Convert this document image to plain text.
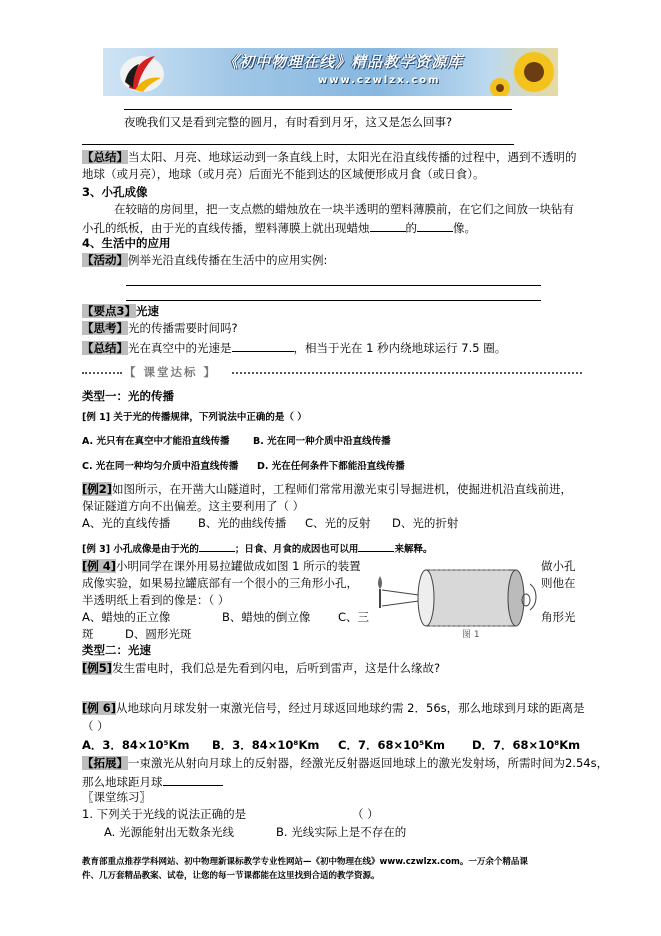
《初中物理在线》精品教学资源库
www.czwlzx.com
夜晚我们又是看到完整的圆月，有时看到月牙，这又是怎么回事?
【总结】当太阳、月亮、地球运动到一条直线上时，太阳光在沿直线传播的过程中，遇到不透明的
地球（或月亮），地球（或月亮）后面光不能到达的区域便形成月食（或日食）。
3、小孔成像
在较暗的房间里，把一支点燃的蜡烛放在一块半透明的塑料薄膜前，在它们之间放一块钻有
小孔的纸板，由于光的直线传播，塑料薄膜上就出现蜡烛	的	像。
4、生活中的应用
【活动】例举光沿直线传播在生活中的应用实例:
【要点3】光速
【思考】光的传播需要时间吗?
【总结】光在真空中的光速是	，相当于光在 1 秒内绕地球运行 7.5 圈。
【 课堂达标 】
类型一：光的传播
[例 1] 关于光的传播规律，下列说法中正确的是（ ）
A. 光只有在真空中才能沿直线传播 B. 光在同一种介质中沿直线传播
C. 光在同一种均匀介质中沿直线传播 D. 光在任何条件下都能沿直线传播
[例2]如图所示，在开凿大山隧道时，工程师们常常用激光束引导掘进机，使掘进机沿直线前进，
保证隧道方向不出偏差。这主要利用了（ ）
A、光的直线传播 B、光的曲线传播 C、光的反射 D、光的折射
[例 3] 小孔成像是由于光的	；日食、月食的成因也可以用	来解释。
[例 4]小明同学在课外用易拉罐做成如图 1 所示的装置	做小孔
成像实验，如果易拉罐底部有一个很小的三角形小孔，	则他在
半透明纸上看到的像是：（ ）
A、蜡烛的正立像	B、蜡烛的倒立像 C、三	角形光
斑	D、圆形光斑	图 1
类型二：光速
[例5]发生雷电时，我们总是先看到闪电，后听到雷声，这是什么缘故?
[例 6]从地球向月球发射一束激光信号，经过月球返回地球约需 2．56s，那么地球到月球的距离是
（ ）
A．3．84×10⁵Km B．3．84×10⁸Km C．7．68×10⁵Km D．7．68×10⁸Km
【拓展】一束激光从射向月球上的反射器，经激光反射器返回地球上的激光发射场，所需时间为2.54s，
那么地球距月球
〖课堂练习〗
1. 下列关于光线的说法正确的是	（ ）
A. 光源能射出无数条光线	B. 光线实际上是不存在的
教育部重点推荐学科网站、初中物理新课标教学专业性网站—《初中物理在线》www.czwlzx.com。一万余个精品课
件、几万套精品教案、试卷，让您的每一节课都能在这里找到合适的教学资源。
